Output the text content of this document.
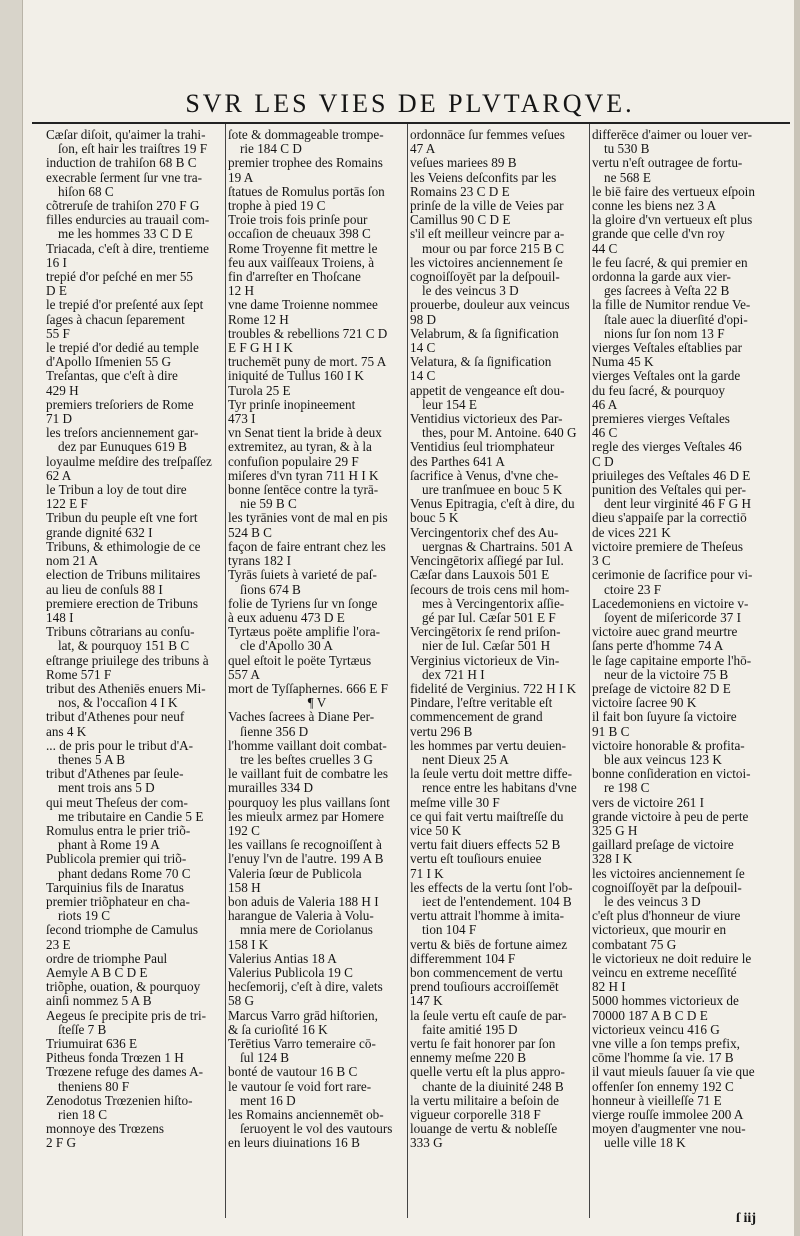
SVR LES VIES DE PLVTARQVE.
Cæſar diſoit, qu'aimer la trahi-
ſon, eſt hair les traiſtres 19 F
induction de trahiſon 68 B C
execrable ſerment ſur vne tra-
hiſon 68 C
cõtreruſe de trahiſon 270 F G
filles endurcies au trauail com-
me les hommes 33 C D E
Triacada, c'eſt à dire, trentieme
16 I
trepié d'or peſché en mer 55
D E
le trepié d'or preſenté aux ſept
ſages à chacun ſeparement
55 F
le trepié d'or dedié au temple
d'Apollo Iſmenien 55 G
Treſantas, que c'eſt à dire
429 H
premiers treſoriers de Rome
71 D
les treſors anciennement gar-
dez par Eunuques 619 B
loyaulme meſdire des treſpaſſez
62 A
le Tribun a loy de tout dire
122 E F
Tribun du peuple eſt vne fort
grande dignité 632 I
Tribuns, & ethimologie de ce
nom 21 A
election de Tribuns militaires
au lieu de conſuls 88 I
premiere erection de Tribuns
148 I
Tribuns cõtrarians au conſu-
lat, & pourquoy 151 B C
eſtrange priuilege des tribuns à
Rome 571 F
tribut des Atheniēs enuers Mi-
nos, & l'occaſion 4 I K
tribut d'Athenes pour neuf
ans 4 K
... de pris pour le tribut d'A-
thenes 5 A B
tribut d'Athenes par ſeule-
ment trois ans 5 D
qui meut Theſeus der com-
me tributaire en Candie 5 E
Romulus entra le prier triõ-
phant à Rome 19 A
Publicola premier qui triõ-
phant dedans Rome 70 C
Tarquinius fils de Inaratus
premier triõphateur en cha-
riots 19 C
ſecond triomphe de Camulus
23 E
ordre de triomphe Paul
Aemyle A B C D E
triõphe, ouation, & pourquoy
ainſi nommez 5 A B
Aegeus ſe precipite pris de tri-
ſteſſe 7 B
Triumuirat 636 E
Pitheus fonda Trœzen 1 H
Trœzene refuge des dames A-
theniens 80 F
Zenodotus Trœzenien hiſto-
rien 18 C
monnoye des Trœzens
2 F G
ſote & dommageable trompe-
rie 184 C D
premier trophee des Romains
19 A
ſtatues de Romulus portās ſon
trophe à pied 19 C
Troie trois fois prinſe pour
occaſion de cheuaux 398 C
Rome Troyenne fit mettre le
feu aux vaiſſeaux Troiens, à
fin d'arreſter en Thoſcane
12 H
vne dame Troienne nommee
Rome 12 H
troubles & rebellions 721 C D
E F G H I K
truchemēt puny de mort. 75 A
iniquité de Tullus 160 I K
Turola 25 E
Tyr prinſe inopineement
473 I
vn Senat tient la bride à deux
extremitez, au tyran, & à la
confuſion populaire 29 F
miſeres d'vn tyran 711 H I K
bonne ſentēce contre la tyrā-
nie 59 B C
les tyrānies vont de mal en pis
524 B C
façon de faire entrant chez les
tyrans 182 I
Tyrās ſuiets à varieté de paſ-
ſions 674 B
folie de Tyriens ſur vn ſonge
à eux aduenu 473 D E
Tyrtæus poëte amplifie l'ora-
cle d'Apollo 30 A
quel eſtoit le poëte Tyrtæus
557 A
mort de Tyſſaphernes. 666 E F
¶ V
Vaches ſacrees à Diane Per-
ſienne 356 D
l'homme vaillant doit combat-
tre les beſtes cruelles 3 G
le vaillant fuit de combatre les
murailles 334 D
pourquoy les plus vaillans ſont
les mieulx armez par Homere
192 C
les vaillans ſe recognoiſſent à
l'enuy l'vn de l'autre. 199 A B
Valeria ſœur de Publicola
158 H
bon aduis de Valeria 188 H I
harangue de Valeria à Volu-
mnia mere de Coriolanus
158 I K
Valerius Antias 18 A
Valerius Publicola 19 C
hecſemorij, c'eſt à dire, valets
58 G
Marcus Varro grād hiſtorien,
& ſa curioſité 16 K
Terētius Varro temeraire cō-
ſul 124 B
bonté de vautour 16 B C
le vautour ſe void fort rare-
ment 16 D
les Romains anciennemēt ob-
ſeruoyent le vol des vautours
en leurs diuinations 16 B
ordonnāce ſur femmes veſues
47 A
veſues mariees 89 B
les Veiens deſconfits par les
Romains 23 C D E
prinſe de la ville de Veies par
Camillus 90 C D E
s'il eſt meilleur veincre par a-
mour ou par force 215 B C
les victoires anciennement ſe
cognoiſſoyēt par la deſpouil-
le des veincus 3 D
prouerbe, douleur aux veincus
98 D
Velabrum, & ſa ſignification
14 C
Velatura, & ſa ſignification
14 C
appetit de vengeance eſt dou-
leur 154 E
Ventidius victorieux des Par-
thes, pour M. Antoine. 640 G
Ventidius ſeul triomphateur
des Parthes 641 A
ſacrifice à Venus, d'vne che-
ure tranſmuee en bouc 5 K
Venus Epitragia, c'eſt à dire, du
bouc 5 K
Vercingentorix chef des Au-
uergnas & Chartrains. 501 A
Vencingētorix aſſiegé par Iul.
Cæſar dans Lauxois 501 E
ſecours de trois cens mil hom-
mes à Vercingentorix aſſie-
gé par Iul. Cæſar 501 E F
Vercingētorix ſe rend priſon-
nier de Iul. Cæſar 501 H
Verginius victorieux de Vin-
dex 721 H I
fidelité de Verginius. 722 H I K
Pindare, l'eſtre veritable eſt
commencement de grand
vertu 296 B
les hommes par vertu deuien-
nent Dieux 25 A
la ſeule vertu doit mettre diffe-
rence entre les habitans d'vne
meſme ville 30 F
ce qui fait vertu maiſtreſſe du
vice 50 K
vertu fait diuers effects 52 B
vertu eſt touſiours enuiee
71 I K
les effects de la vertu ſont l'ob-
ieɛt de l'entendement. 104 B
vertu attrait l'homme à imita-
tion 104 F
vertu & biēs de fortune aimez
differemment 104 F
bon commencement de vertu
prend touſiours accroiſſemēt
147 K
la ſeule vertu eſt cauſe de par-
faite amitié 195 D
vertu ſe fait honorer par ſon
ennemy meſme 220 B
quelle vertu eſt la plus appro-
chante de la diuinité 248 B
la vertu militaire a beſoin de
vigueur corporelle 318 F
louange de vertu & nobleſſe
333 G
differēce d'aimer ou louer ver-
tu 530 B
vertu n'eſt outragee de fortu-
ne 568 E
le biē faire des vertueux eſpoin
conne les biens nez 3 A
la gloire d'vn vertueux eſt plus
grande que celle d'vn roy
44 C
le feu ſacré, & qui premier en
ordonna la garde aux vier-
ges ſacrees à Veſta 22 B
la fille de Numitor rendue Ve-
ſtale auec la diuerſité d'opi-
nions ſur ſon nom 13 F
vierges Veſtales eſtablies par
Numa 45 K
vierges Veſtales ont la garde
du feu ſacré, & pourquoy
46 A
premieres vierges Veſtales
46 C
regle des vierges Veſtales 46
C D
priuileges des Veſtales 46 D E
punition des Veſtales qui per-
dent leur virginité 46 F G H
dieu s'appaiſe par la correctiō
de vices 221 K
victoire premiere de Theſeus
3 C
cerimonie de ſacrifice pour vi-
ctoire 23 F
Lacedemoniens en victoire v-
ſoyent de miſericorde 37 I
victoire auec grand meurtre
ſans perte d'homme 74 A
le ſage capitaine emporte l'hō-
neur de la victoire 75 B
preſage de victoire 82 D E
victoire ſacree 90 K
il fait bon ſuyure ſa victoire
91 B C
victoire honorable & profita-
ble aux veincus 123 K
bonne conſideration en victoi-
re 198 C
vers de victoire 261 I
grande victoire à peu de perte
325 G H
gaillard preſage de victoire
328 I K
les victoires anciennement ſe
cognoiſſoyēt par la deſpouil-
le des veincus 3 D
c'eſt plus d'honneur de viure
victorieux, que mourir en
combatant 75 G
le victorieux ne doit reduire le
veincu en extreme neceſſité
82 H I
5000 hommes victorieux de
70000 187 A B C D E
victorieux veincu 416 G
vne ville a ſon temps prefix,
cōme l'homme ſa vie. 17 B
il vaut mieuls ſauuer ſa vie que
offenſer ſon ennemy 192 C
honneur à vieilleſſe 71 E
vierge rouſſe immolee 200 A
moyen d'augmenter vne nou-
uelle ville 18 K
ſ iij
